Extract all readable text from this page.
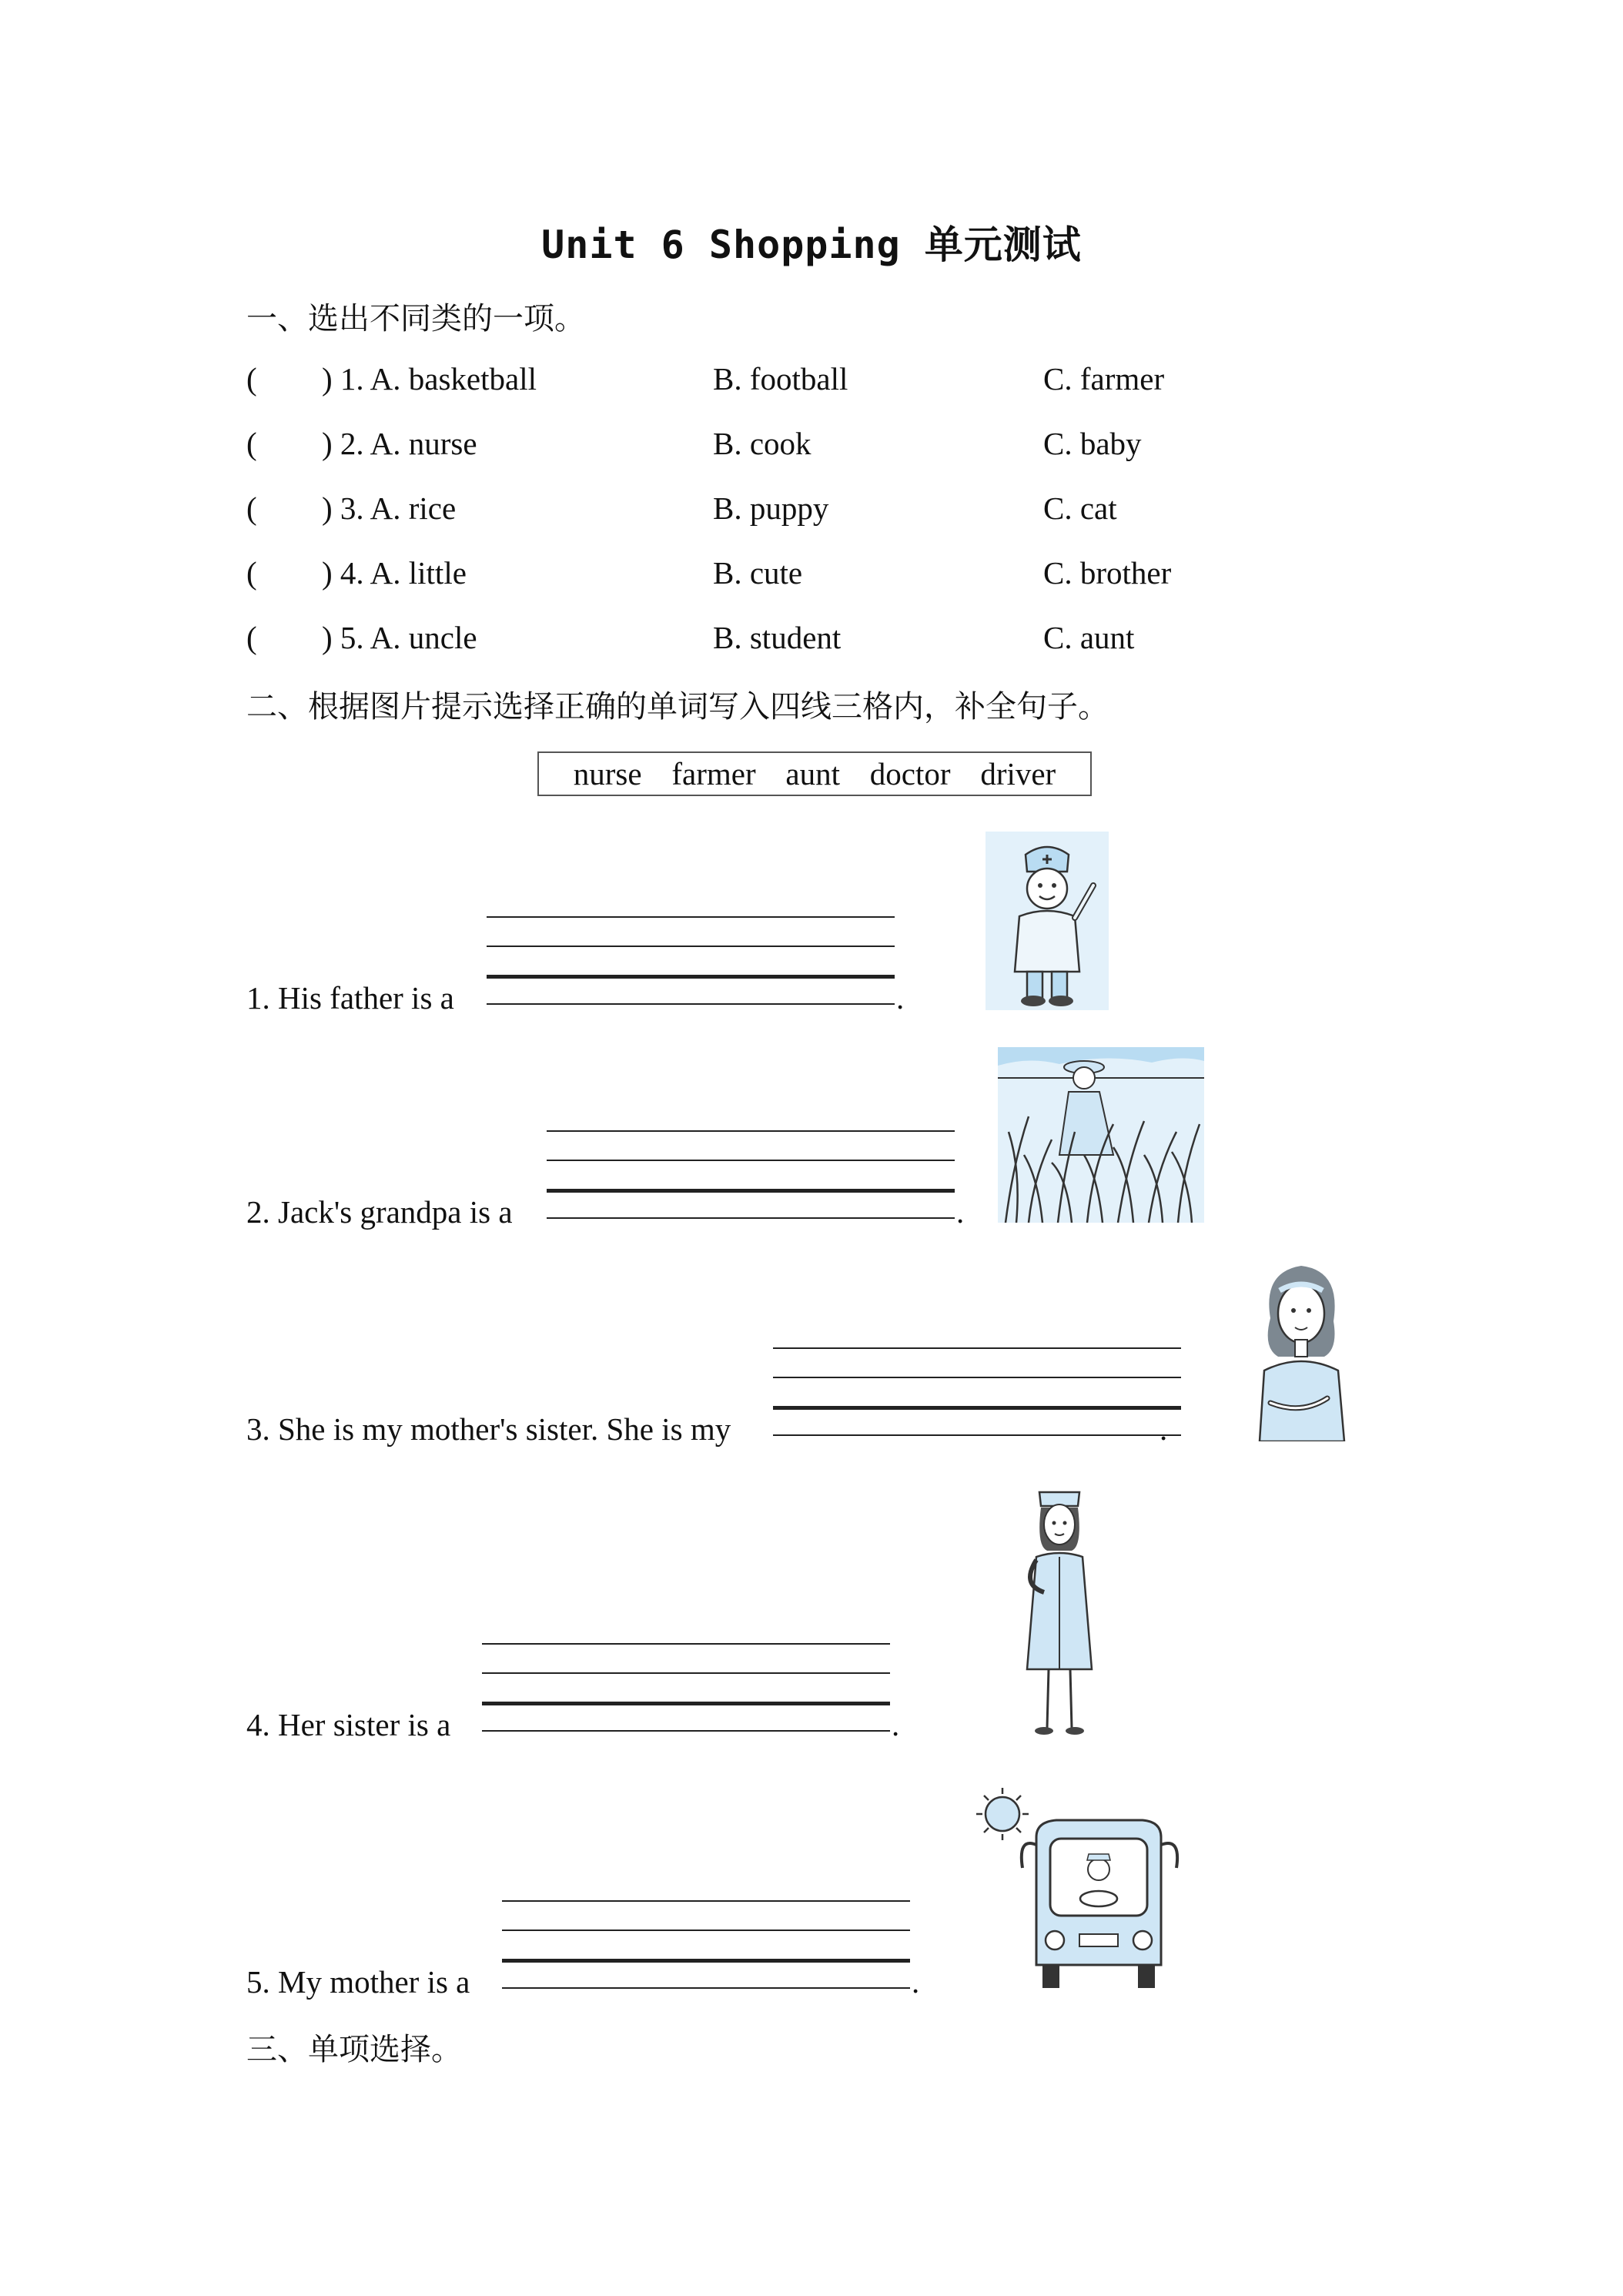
Unit 6 Shopping 单元测试
一、选出不同类的一项。
( ) 1. A. basketball	B. football	C. farmer
( ) 2. A. nurse	B. cook	C. baby
( ) 3. A. rice	B. puppy	C. cat
( ) 4. A. little	B. cute	C. brother
( ) 5. A. uncle	B. student	C. aunt
二、根据图片提示选择正确的单词写入四线三格内，补全句子。
nurse farmer aunt doctor driver
1. His father is a	.
2. Jack's grandpa is a	.
3. She is my mother's sister. She is my	.
4. Her sister is a	.
5. My mother is a	.
三、单项选择。
